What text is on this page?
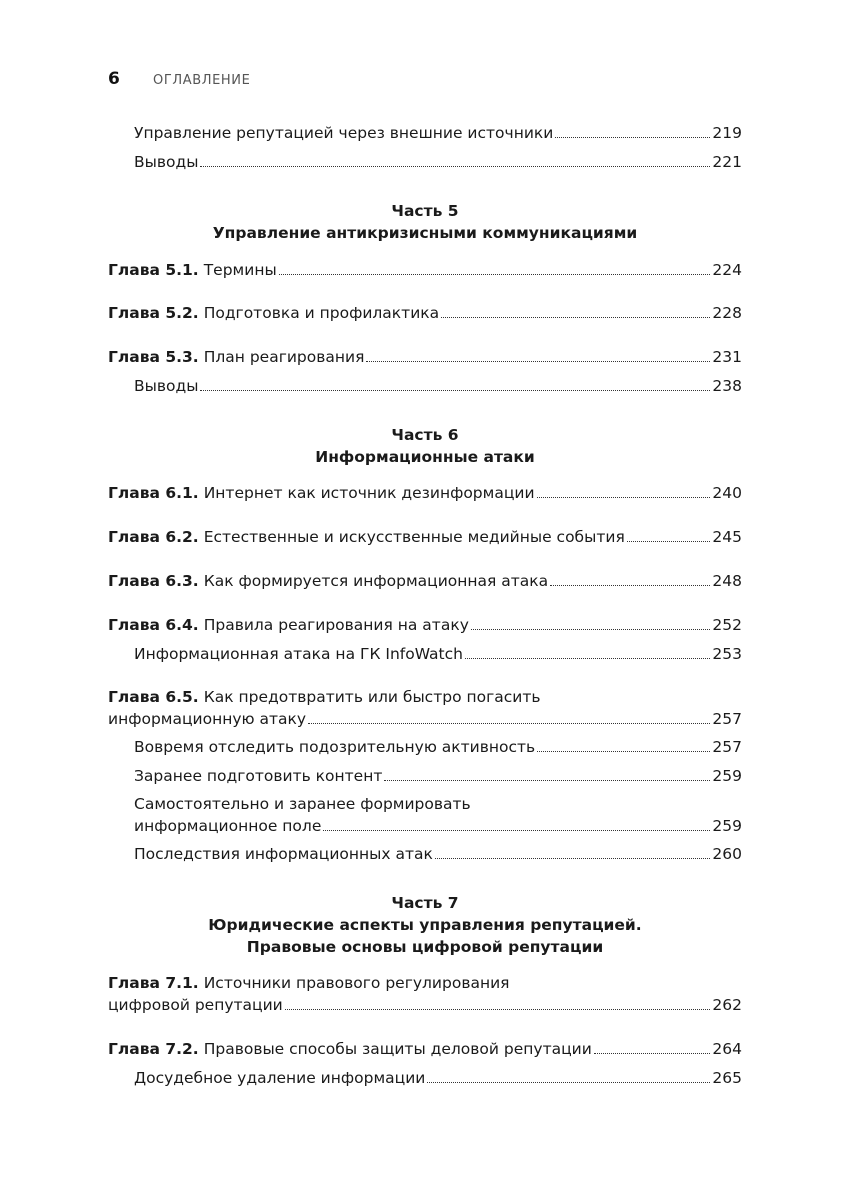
6	ОГЛАВЛЕНИЕ
Управление репутацией через внешние источники	219
Выводы	221
Часть 5
Управление антикризисными коммуникациями
Глава 5.1. Термины	224
Глава 5.2. Подготовка и профилактика	228
Глава 5.3. План реагирования	231
Выводы	238
Часть 6
Информационные атаки
Глава 6.1. Интернет как источник дезинформации	240
Глава 6.2. Естественные и искусственные медийные события	245
Глава 6.3. Как формируется информационная атака	248
Глава 6.4. Правила реагирования на атаку	252
Информационная атака на ГК InfoWatch	253
Глава 6.5. Как предотвратить или быстро погасить
информационную атаку	257
Вовремя отследить подозрительную активность	257
Заранее подготовить контент	259
Самостоятельно и заранее формировать
информационное поле	259
Последствия информационных атак	260
Часть 7
Юридические аспекты управления репутацией.
Правовые основы цифровой репутации
Глава 7.1. Источники правового регулирования
цифровой репутации	262
Глава 7.2. Правовые способы защиты деловой репутации	264
Досудебное удаление информации	265
